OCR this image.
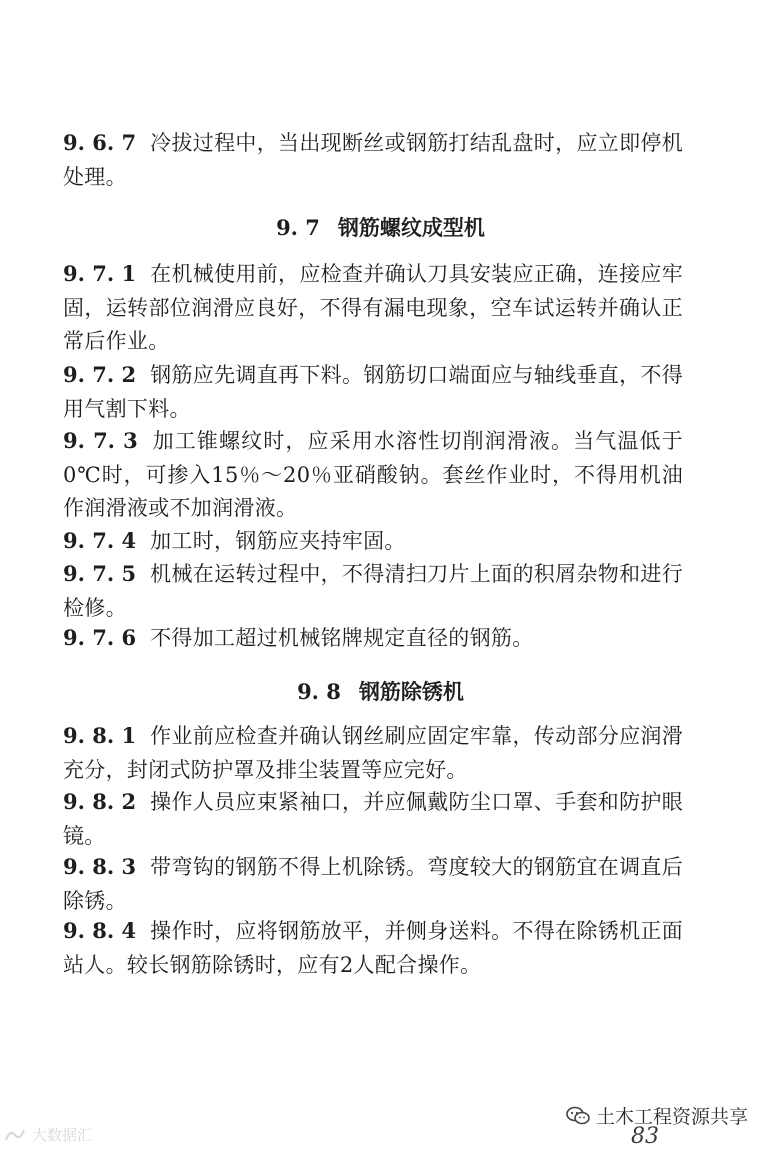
9. 6. 7 冷拔过程中，当出现断丝或钢筋打结乱盘时，应立即停机处理。
9. 7 钢筋螺纹成型机
9. 7. 1 在机械使用前，应检查并确认刀具安装应正确，连接应牢固，运转部位润滑应良好，不得有漏电现象，空车试运转并确认正常后作业。
9. 7. 2 钢筋应先调直再下料。钢筋切口端面应与轴线垂直，不得用气割下料。
9. 7. 3 加工锥螺纹时，应采用水溶性切削润滑液。当气温低于0℃时，可掺入15％～20％亚硝酸钠。套丝作业时，不得用机油作润滑液或不加润滑液。
9. 7. 4 加工时，钢筋应夹持牢固。
9. 7. 5 机械在运转过程中，不得清扫刀片上面的积屑杂物和进行检修。
9. 7. 6 不得加工超过机械铭牌规定直径的钢筋。
9. 8 钢筋除锈机
9. 8. 1 作业前应检查并确认钢丝刷应固定牢靠，传动部分应润滑充分，封闭式防护罩及排尘装置等应完好。
9. 8. 2 操作人员应束紧袖口，并应佩戴防尘口罩、手套和防护眼镜。
9. 8. 3 带弯钩的钢筋不得上机除锈。弯度较大的钢筋宜在调直后除锈。
9. 8. 4 操作时，应将钢筋放平，并侧身送料。不得在除锈机正面站人。较长钢筋除锈时，应有2人配合操作。
土木工程资源共享
83
大数据汇
